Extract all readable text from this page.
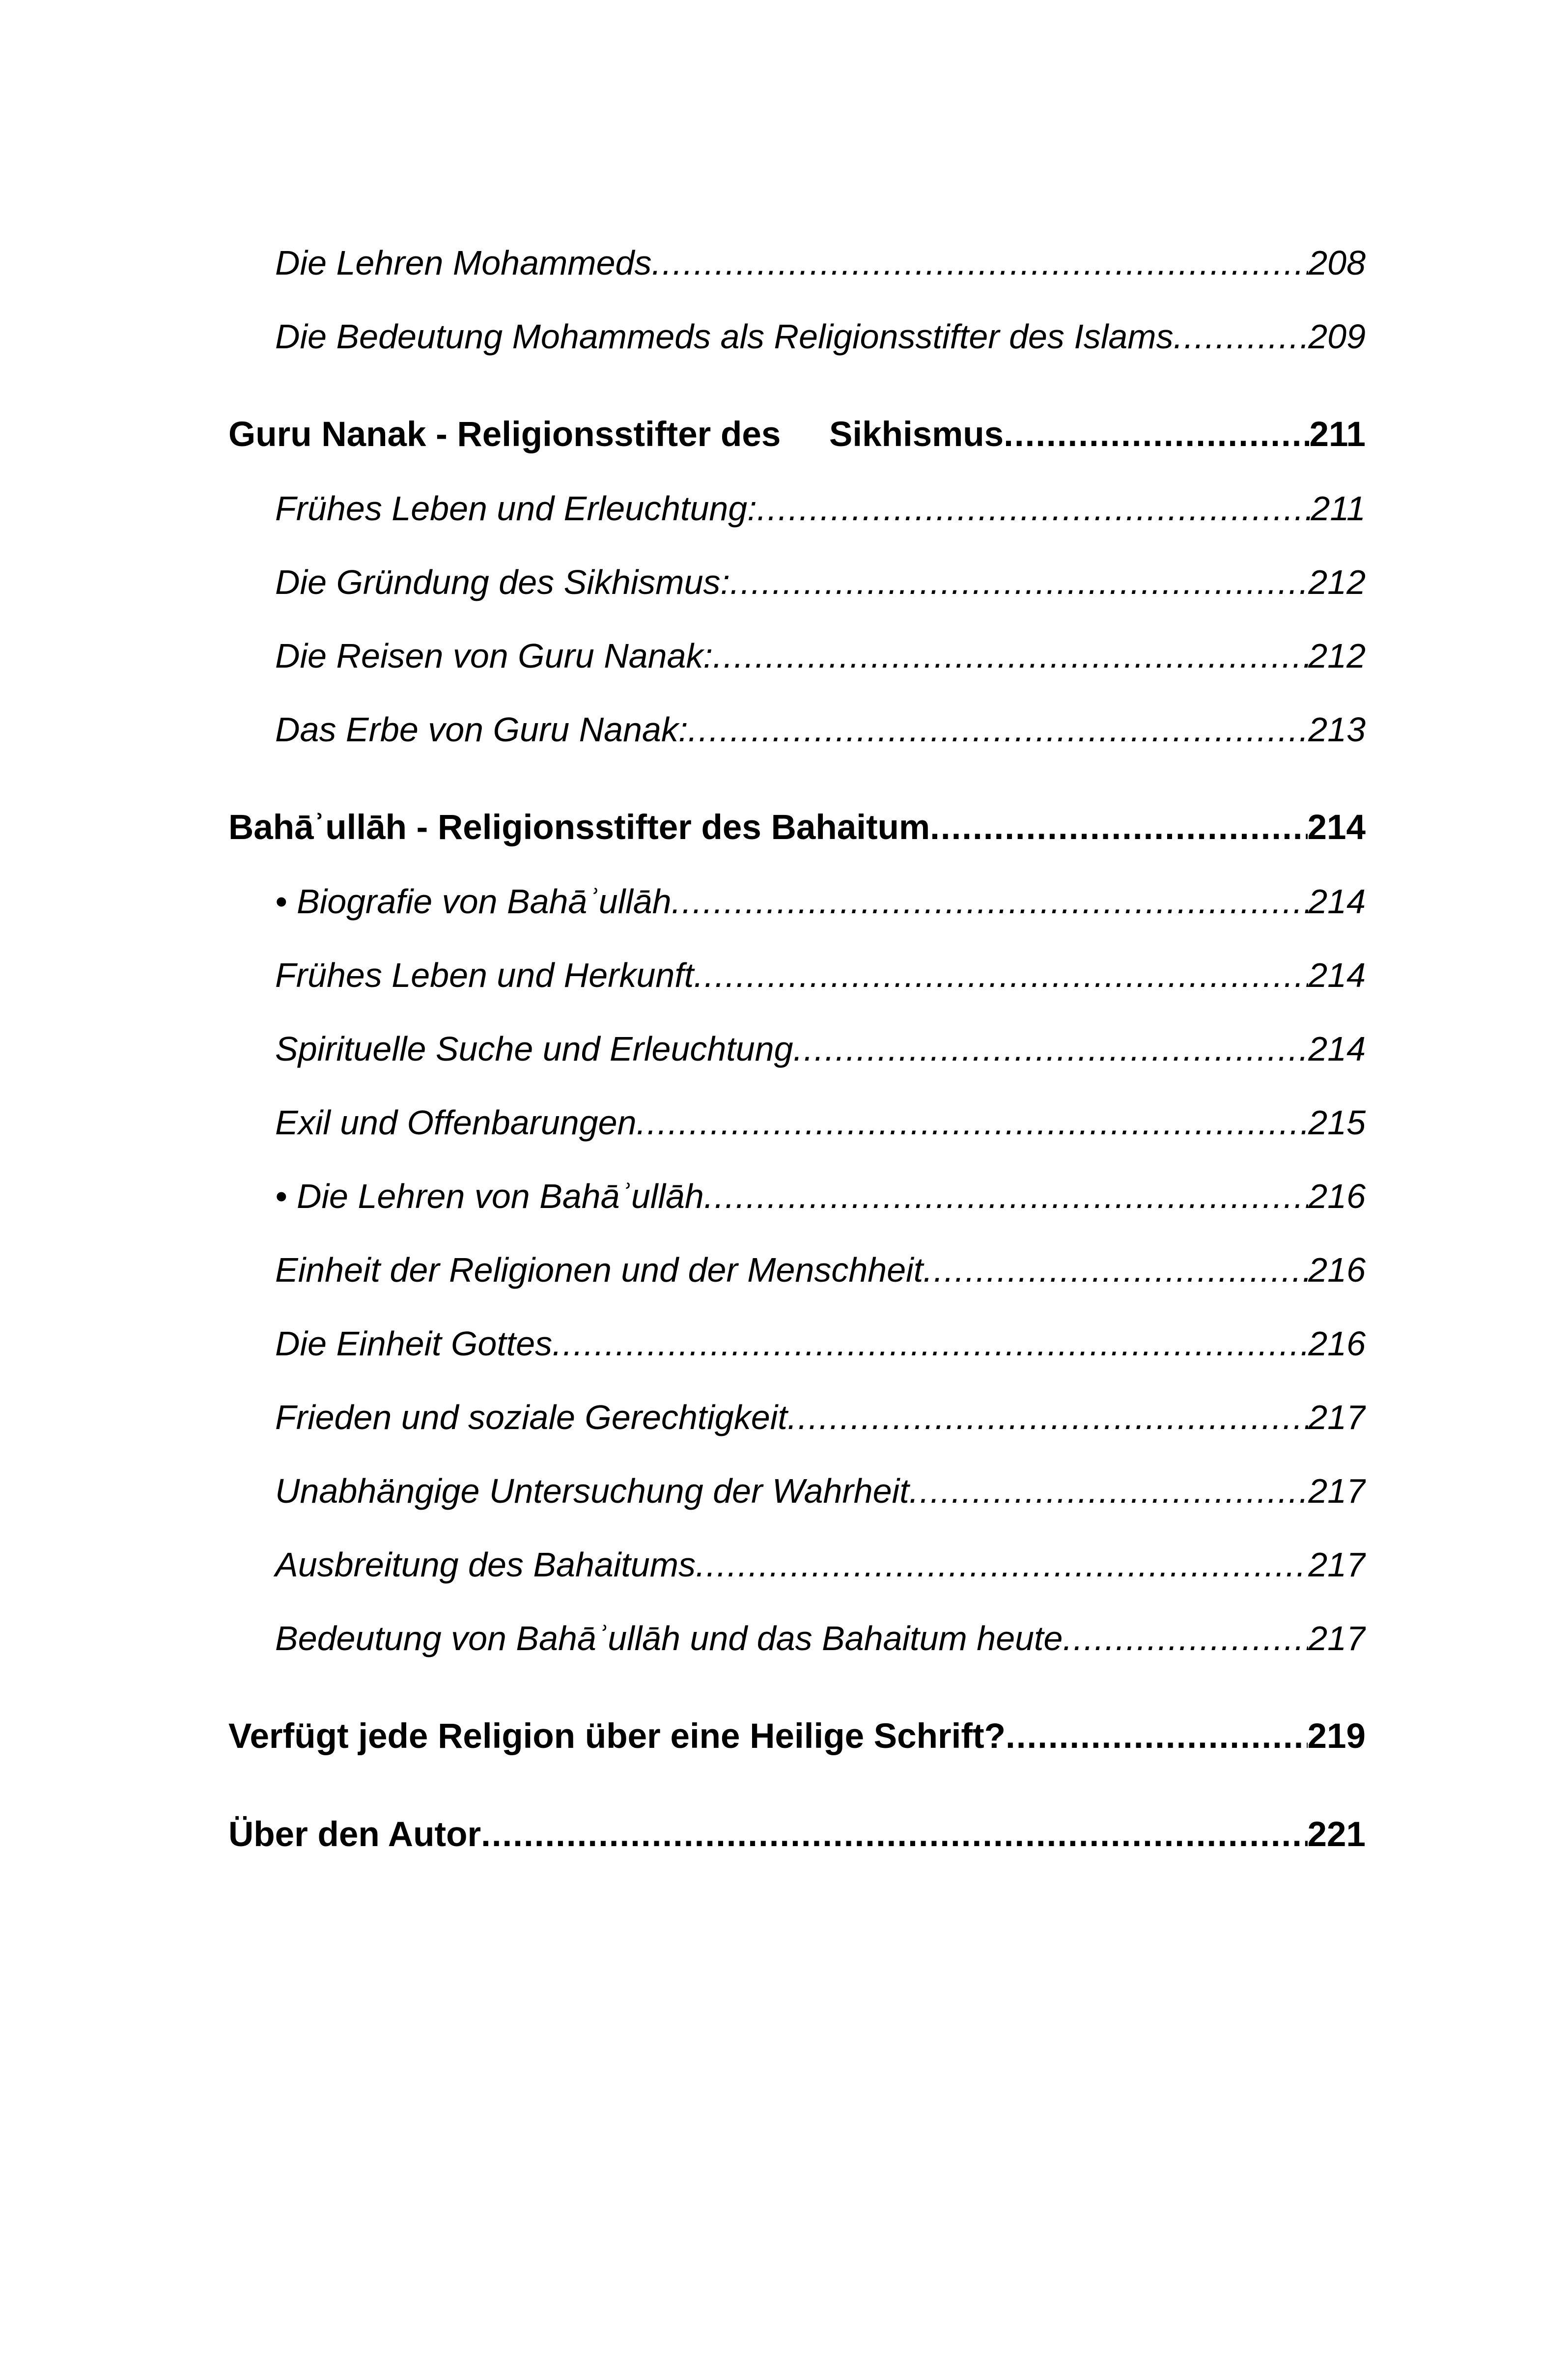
Die Lehren Mohammeds .....	208
Die Bedeutung Mohammeds als Religionsstifter des Islams .....	209
Guru Nanak - Religionsstifter des     Sikhismus .....	211
Frühes Leben und Erleuchtung: .....	211
Die Gründung des Sikhismus: .....	212
Die Reisen von Guru Nanak: .....	212
Das Erbe von Guru Nanak: .....	213
Bahāʾullāh - Religionsstifter des Bahaitum .....	214
• Biografie von Bahāʾullāh .....	214
Frühes Leben und Herkunft .....	214
Spirituelle Suche und Erleuchtung .....	214
Exil und Offenbarungen .....	215
• Die Lehren von Bahāʾullāh .....	216
Einheit der Religionen und der Menschheit .....	216
Die Einheit Gottes .....	216
Frieden und soziale Gerechtigkeit .....	217
Unabhängige Untersuchung der Wahrheit .....	217
Ausbreitung des Bahaitums .....	217
Bedeutung von Bahāʾullāh und das Bahaitum heute .....	217
Verfügt jede Religion über eine Heilige Schrift? .....	219
Über den Autor .....	221
